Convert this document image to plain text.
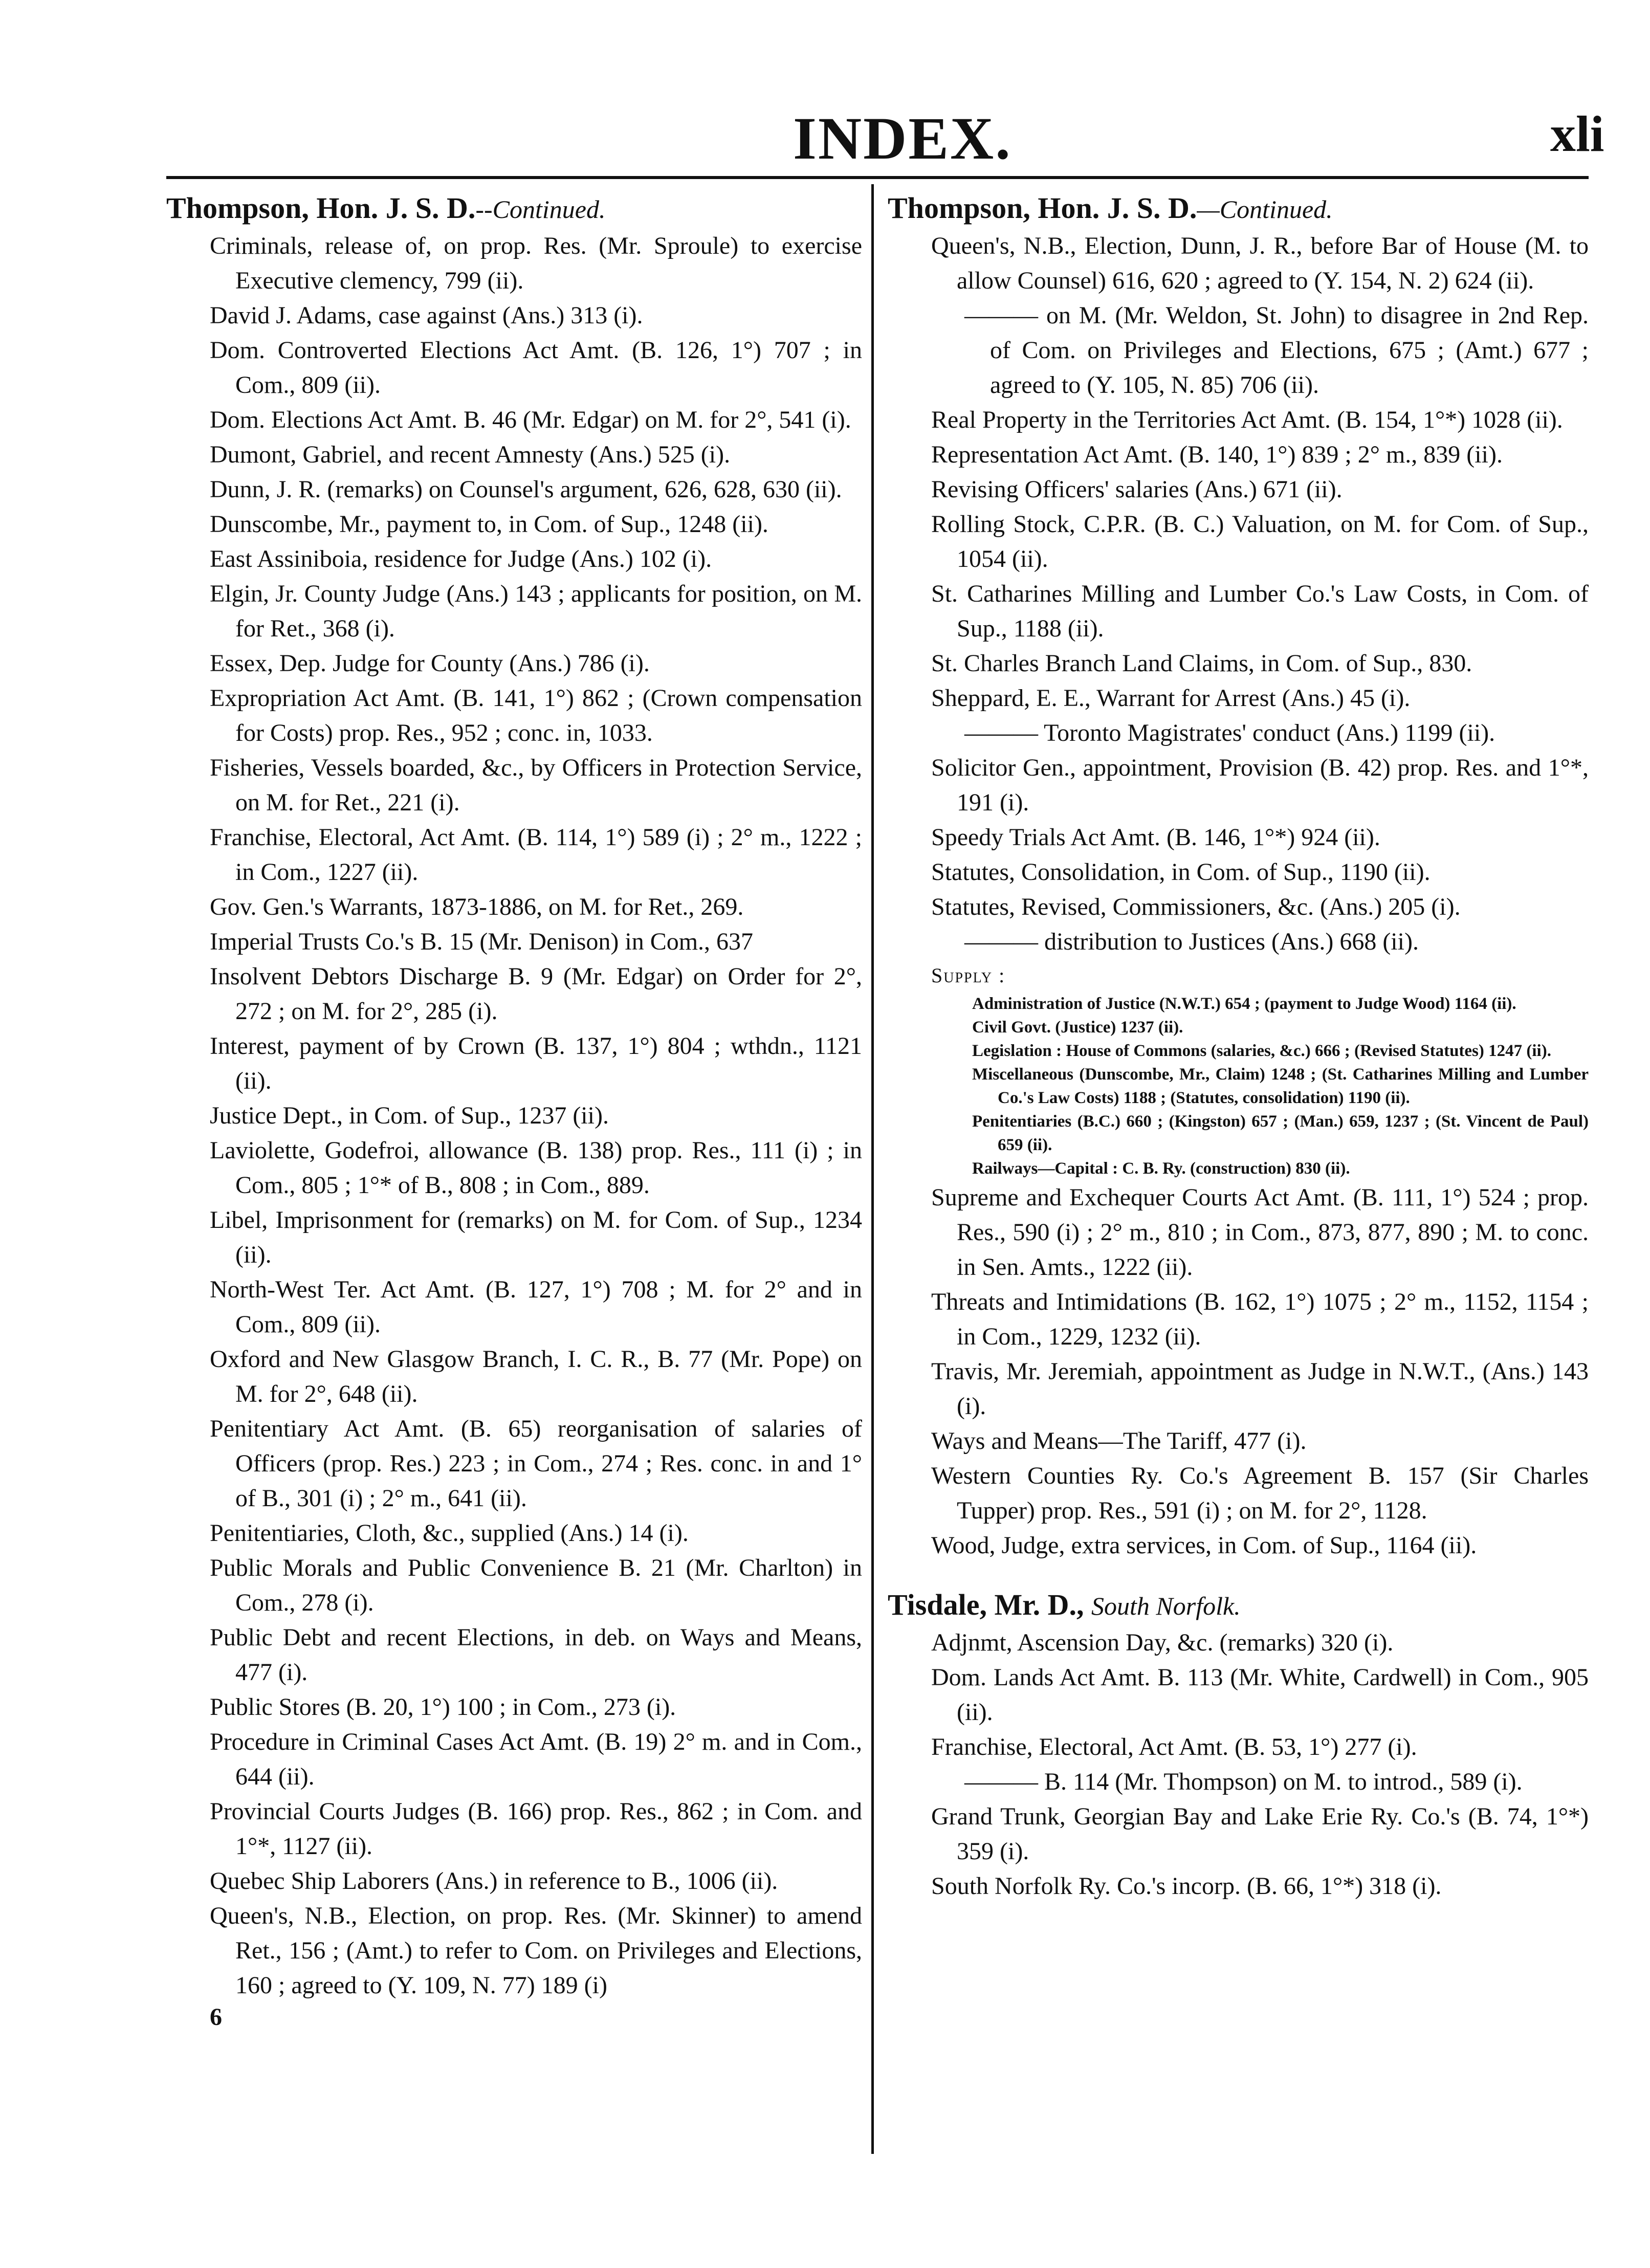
INDEX.	xli
Thompson, Hon. J. S. D.--Continued.
Criminals, release of, on prop. Res. (Mr. Sproule) to exercise Executive clemency, 799 (ii).
David J. Adams, case against (Ans.) 313 (i).
Dom. Controverted Elections Act Amt. (B. 126, 1°) 707 ; in Com., 809 (ii).
Dom. Elections Act Amt. B. 46 (Mr. Edgar) on M. for 2°, 541 (i).
Dumont, Gabriel, and recent Amnesty (Ans.) 525 (i).
Dunn, J. R. (remarks) on Counsel's argument, 626, 628, 630 (ii).
Dunscombe, Mr., payment to, in Com. of Sup., 1248 (ii).
East Assiniboia, residence for Judge (Ans.) 102 (i).
Elgin, Jr. County Judge (Ans.) 143 ; applicants for position, on M. for Ret., 368 (i).
Essex, Dep. Judge for County (Ans.) 786 (i).
Expropriation Act Amt. (B. 141, 1°) 862 ; (Crown compensation for Costs) prop. Res., 952 ; conc. in, 1033.
Fisheries, Vessels boarded, &c., by Officers in Protection Service, on M. for Ret., 221 (i).
Franchise, Electoral, Act Amt. (B. 114, 1°) 589 (i) ; 2° m., 1222 ; in Com., 1227 (ii).
Gov. Gen.'s Warrants, 1873-1886, on M. for Ret., 269.
Imperial Trusts Co.'s B. 15 (Mr. Denison) in Com., 637
Insolvent Debtors Discharge B. 9 (Mr. Edgar) on Order for 2°, 272 ; on M. for 2°, 285 (i).
Interest, payment of by Crown (B. 137, 1°) 804 ; wthdn., 1121 (ii).
Justice Dept., in Com. of Sup., 1237 (ii).
Laviolette, Godefroi, allowance (B. 138) prop. Res., 111 (i) ; in Com., 805 ; 1°* of B., 808 ; in Com., 889.
Libel, Imprisonment for (remarks) on M. for Com. of Sup., 1234 (ii).
North-West Ter. Act Amt. (B. 127, 1°) 708 ; M. for 2° and in Com., 809 (ii).
Oxford and New Glasgow Branch, I. C. R., B. 77 (Mr. Pope) on M. for 2°, 648 (ii).
Penitentiary Act Amt. (B. 65) reorganisation of salaries of Officers (prop. Res.) 223 ; in Com., 274 ; Res. conc. in and 1° of B., 301 (i) ; 2° m., 641 (ii).
Penitentiaries, Cloth, &c., supplied (Ans.) 14 (i).
Public Morals and Public Convenience B. 21 (Mr. Charlton) in Com., 278 (i).
Public Debt and recent Elections, in deb. on Ways and Means, 477 (i).
Public Stores (B. 20, 1°) 100 ; in Com., 273 (i).
Procedure in Criminal Cases Act Amt. (B. 19) 2° m. and in Com., 644 (ii).
Provincial Courts Judges (B. 166) prop. Res., 862 ; in Com. and 1°*, 1127 (ii).
Quebec Ship Laborers (Ans.) in reference to B., 1006 (ii).
Queen's, N.B., Election, on prop. Res. (Mr. Skinner) to amend Ret., 156 ; (Amt.) to refer to Com. on Privileges and Elections, 160 ; agreed to (Y. 109, N. 77) 189 (i)
6
Thompson, Hon. J. S. D.—Continued.
Queen's, N.B., Election, Dunn, J. R., before Bar of House (M. to allow Counsel) 616, 620 ; agreed to (Y. 154, N. 2) 624 (ii).
——— on M. (Mr. Weldon, St. John) to disagree in 2nd Rep. of Com. on Privileges and Elections, 675 ; (Amt.) 677 ; agreed to (Y. 105, N. 85) 706 (ii).
Real Property in the Territories Act Amt. (B. 154, 1°*) 1028 (ii).
Representation Act Amt. (B. 140, 1°) 839 ; 2° m., 839 (ii).
Revising Officers' salaries (Ans.) 671 (ii).
Rolling Stock, C.P.R. (B. C.) Valuation, on M. for Com. of Sup., 1054 (ii).
St. Catharines Milling and Lumber Co.'s Law Costs, in Com. of Sup., 1188 (ii).
St. Charles Branch Land Claims, in Com. of Sup., 830.
Sheppard, E. E., Warrant for Arrest (Ans.) 45 (i).
——— Toronto Magistrates' conduct (Ans.) 1199 (ii).
Solicitor Gen., appointment, Provision (B. 42) prop. Res. and 1°*, 191 (i).
Speedy Trials Act Amt. (B. 146, 1°*) 924 (ii).
Statutes, Consolidation, in Com. of Sup., 1190 (ii).
Statutes, Revised, Commissioners, &c. (Ans.) 205 (i).
——— distribution to Justices (Ans.) 668 (ii).
Supply :
Administration of Justice (N.W.T.) 654 ; (payment to Judge Wood) 1164 (ii).
Civil Govt. (Justice) 1237 (ii).
Legislation : House of Commons (salaries, &c.) 666 ; (Revised Statutes) 1247 (ii).
Miscellaneous (Dunscombe, Mr., Claim) 1248 ; (St. Catharines Milling and Lumber Co.'s Law Costs) 1188 ; (Statutes, consolidation) 1190 (ii).
Penitentiaries (B.C.) 660 ; (Kingston) 657 ; (Man.) 659, 1237 ; (St. Vincent de Paul) 659 (ii).
Railways—Capital : C. B. Ry. (construction) 830 (ii).
Supreme and Exchequer Courts Act Amt. (B. 111, 1°) 524 ; prop. Res., 590 (i) ; 2° m., 810 ; in Com., 873, 877, 890 ; M. to conc. in Sen. Amts., 1222 (ii).
Threats and Intimidations (B. 162, 1°) 1075 ; 2° m., 1152, 1154 ; in Com., 1229, 1232 (ii).
Travis, Mr. Jeremiah, appointment as Judge in N.W.T., (Ans.) 143 (i).
Ways and Means—The Tariff, 477 (i).
Western Counties Ry. Co.'s Agreement B. 157 (Sir Charles Tupper) prop. Res., 591 (i) ; on M. for 2°, 1128.
Wood, Judge, extra services, in Com. of Sup., 1164 (ii).
Tisdale, Mr. D., South Norfolk.
Adjnmt, Ascension Day, &c. (remarks) 320 (i).
Dom. Lands Act Amt. B. 113 (Mr. White, Cardwell) in Com., 905 (ii).
Franchise, Electoral, Act Amt. (B. 53, 1°) 277 (i).
——— B. 114 (Mr. Thompson) on M. to introd., 589 (i).
Grand Trunk, Georgian Bay and Lake Erie Ry. Co.'s (B. 74, 1°*) 359 (i).
South Norfolk Ry. Co.'s incorp. (B. 66, 1°*) 318 (i).
